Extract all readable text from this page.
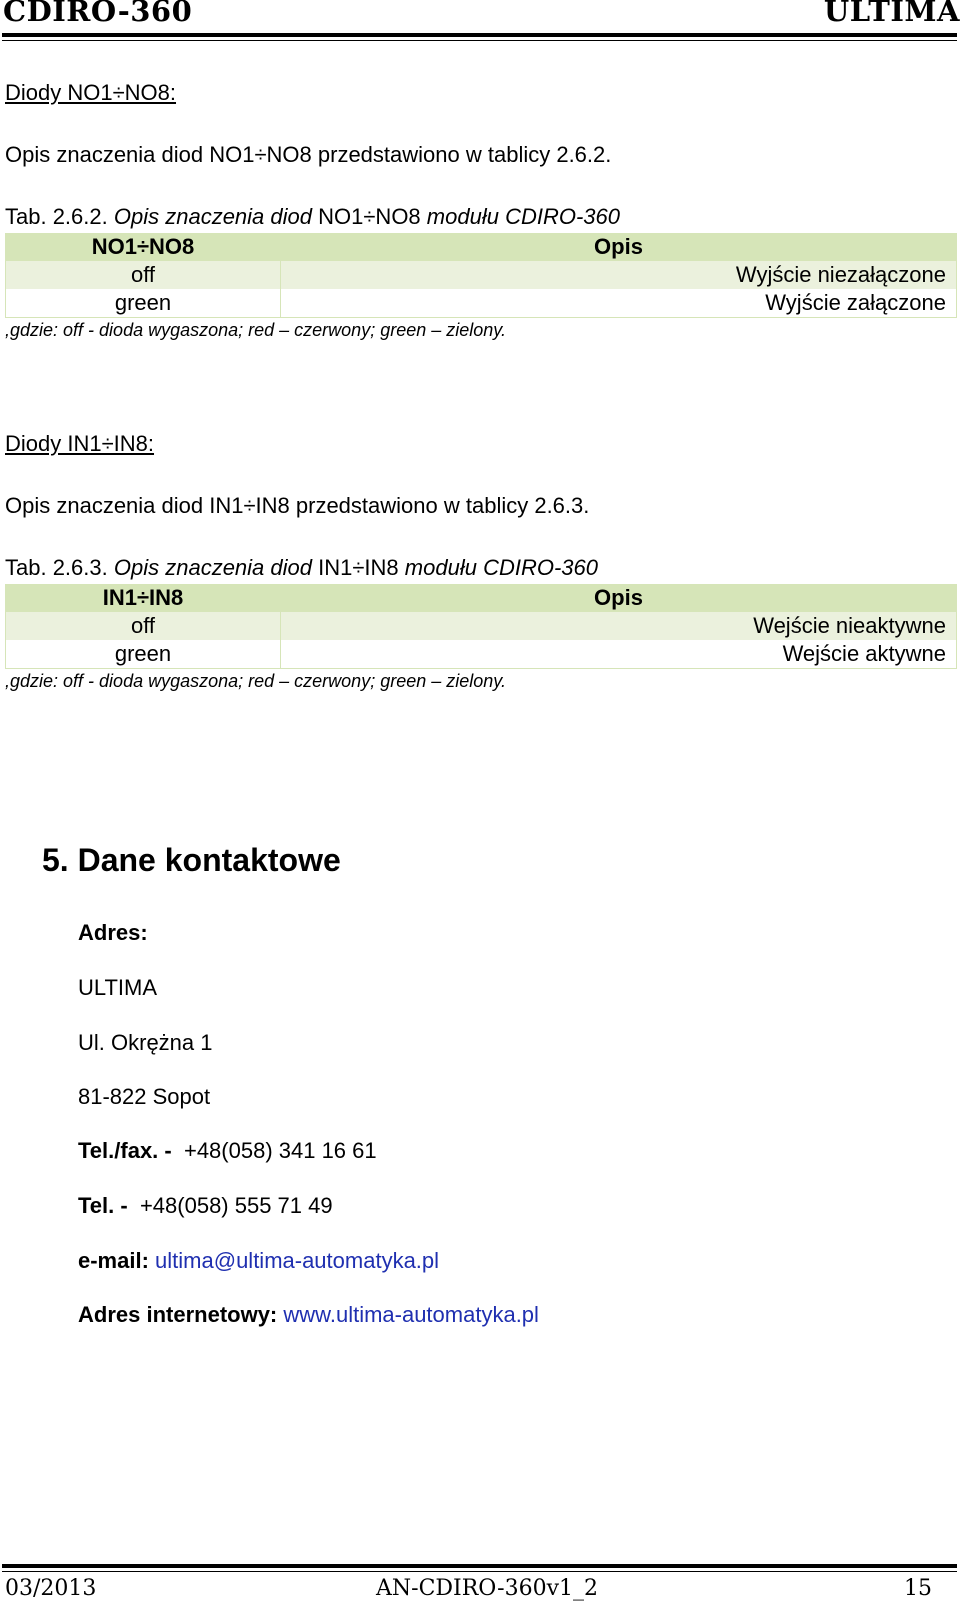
CDIRO-360	ULTIMA
Diody NO1÷NO8:
Opis znaczenia diod NO1÷NO8 przedstawiono w tablicy 2.6.2.
Tab. 2.6.2. Opis znaczenia diod NO1÷NO8 modułu CDIRO-360
NO1÷NO8	Opis
off	Wyjście niezałączone
green	Wyjście załączone
,gdzie: off - dioda wygaszona; red – czerwony; green – zielony.
Diody IN1÷IN8:
Opis znaczenia diod IN1÷IN8 przedstawiono w tablicy 2.6.3.
Tab. 2.6.3. Opis znaczenia diod IN1÷IN8 modułu CDIRO-360
IN1÷IN8	Opis
off	Wejście nieaktywne
green	Wejście aktywne
,gdzie: off - dioda wygaszona; red – czerwony; green – zielony.
5. Dane kontaktowe
Adres:
ULTIMA
Ul. Okrężna 1
81-822 Sopot
Tel./fax. - +48(058) 341 16 61
Tel. - +48(058) 555 71 49
e-mail: ultima@ultima-automatyka.pl
Adres internetowy: www.ultima-automatyka.pl
03/2013	AN-CDIRO-360v1_2	15
